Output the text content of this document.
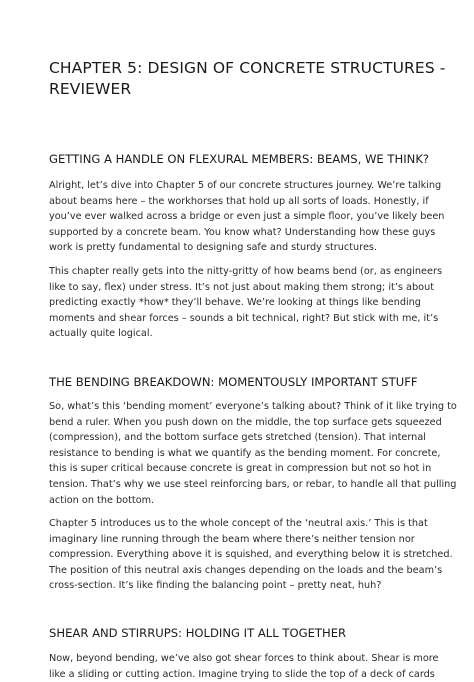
CHAPTER 5: DESIGN OF CONCRETE STRUCTURES -
REVIEWER
GETTING A HANDLE ON FLEXURAL MEMBERS: BEAMS, WE THINK?

Alright, let’s dive into Chapter 5 of our concrete structures journey. We’re talking
about beams here – the workhorses that hold up all sorts of loads. Honestly, if
you’ve ever walked across a bridge or even just a simple floor, you’ve likely been
supported by a concrete beam. You know what? Understanding how these guys
work is pretty fundamental to designing safe and sturdy structures.

This chapter really gets into the nitty-gritty of how beams bend (or, as engineers
like to say, flex) under stress. It’s not just about making them strong; it’s about
predicting exactly *how* they’ll behave. We’re looking at things like bending
moments and shear forces – sounds a bit technical, right? But stick with me, it’s
actually quite logical.

THE BENDING BREAKDOWN: MOMENTOUSLY IMPORTANT STUFF

So, what’s this ‘bending moment’ everyone’s talking about? Think of it like trying to
bend a ruler. When you push down on the middle, the top surface gets squeezed
(compression), and the bottom surface gets stretched (tension). That internal
resistance to bending is what we quantify as the bending moment. For concrete,
this is super critical because concrete is great in compression but not so hot in
tension. That’s why we use steel reinforcing bars, or rebar, to handle all that pulling
action on the bottom.

Chapter 5 introduces us to the whole concept of the ‘neutral axis.’ This is that
imaginary line running through the beam where there’s neither tension nor
compression. Everything above it is squished, and everything below it is stretched.
The position of this neutral axis changes depending on the loads and the beam’s
cross-section. It’s like finding the balancing point – pretty neat, huh?

SHEAR AND STIRRUPS: HOLDING IT ALL TOGETHER

Now, beyond bending, we’ve also got shear forces to think about. Shear is more
like a sliding or cutting action. Imagine trying to slide the top of a deck of cards
